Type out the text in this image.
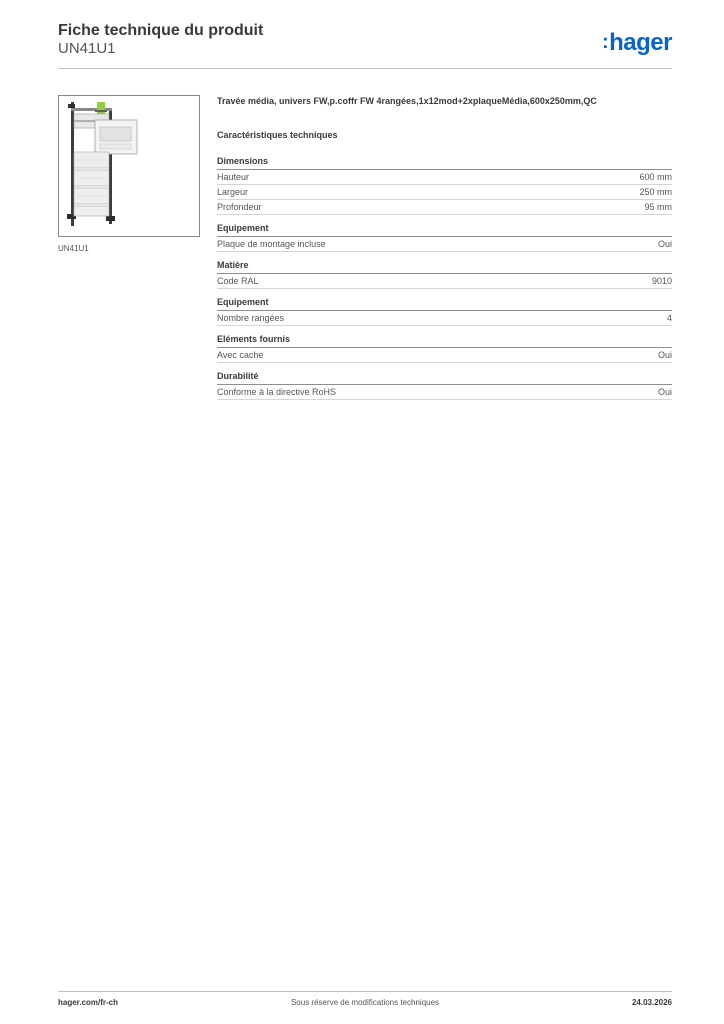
Fiche technique du produit
UN41U1	:hager
UN41U1
Travée média, univers FW,p.coffr FW 4rangées,1x12mod+2xplaqueMédia,600x250mm,QC
Caractéristiques techniques
Dimensions
Hauteur	600 mm
Largeur	250 mm
Profondeur	95 mm
Equipement
Plaque de montage incluse	Oui
Matière
Code RAL	9010
Equipement
Nombre rangées	4
Eléments fournis
Avec cache	Oui
Durabilité
Conforme à la directive RoHS	Oui
hager.com/fr-ch	Sous réserve de modifications techniques	24.03.2026
